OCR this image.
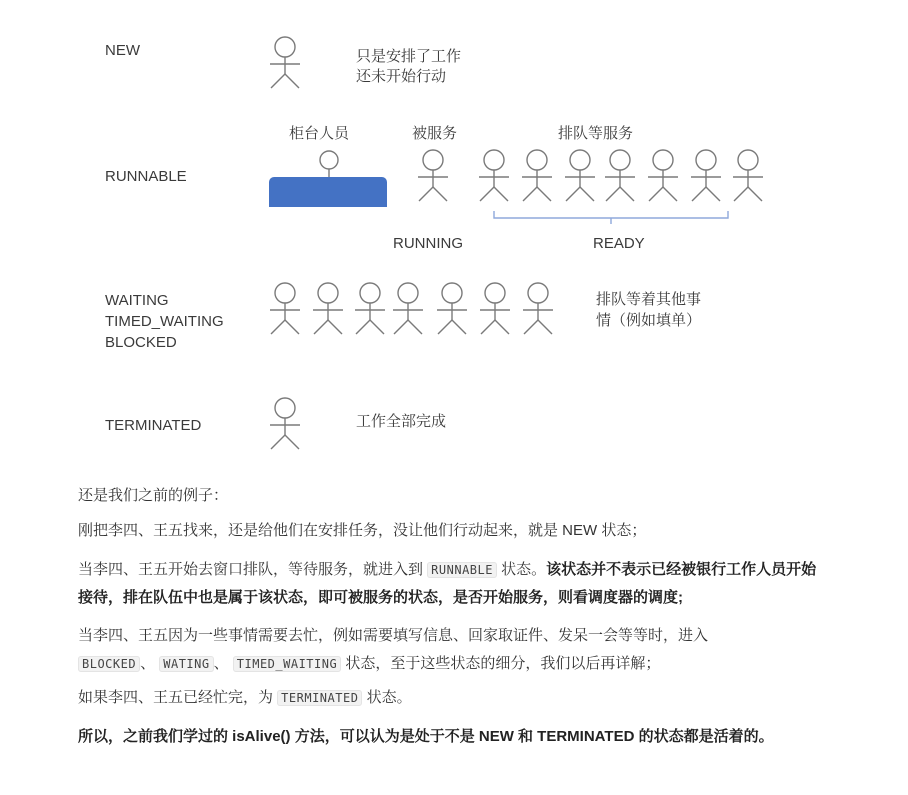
NEW	只是安排了工作
还未开始行动
RUNNABLE
柜台人员	被服务	排队等服务
RUNNING	READY
WAITING
TIMED_WAITING
BLOCKED
排队等着其他事
情（例如填单）
TERMINATED	工作全部完成
还是我们之前的例子：
刚把李四、王五找来，还是给他们在安排任务，没让他们行动起来，就是 NEW 状态；
当李四、王五开始去窗口排队，等待服务，就进入到 RUNNABLE 状态。该状态并不表示已经被银行工作人员开始接待，排在队伍中也是属于该状态，即可被服务的状态，是否开始服务，则看调度器的调度;
当李四、王五因为一些事情需要去忙，例如需要填写信息、回家取证件、发呆一会等等时，进入
BLOCKED 、 WATING 、 TIMED_WAITING 状态，至于这些状态的细分，我们以后再详解；
如果李四、王五已经忙完，为 TERMINATED 状态。
所以，之前我们学过的 isAlive() 方法，可以认为是处于不是 NEW 和 TERMINATED 的状态都是活着的。
